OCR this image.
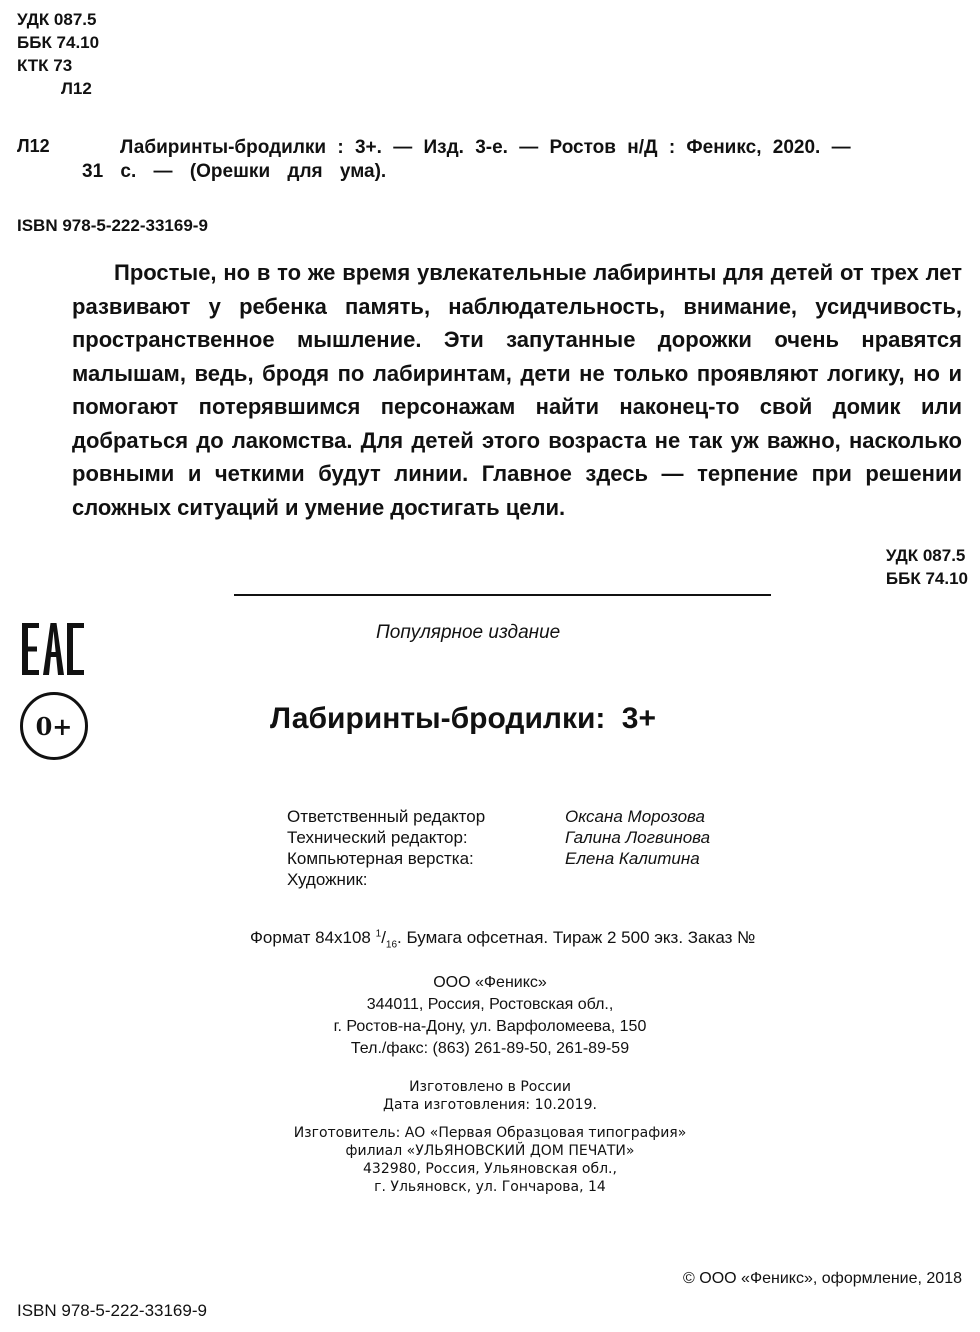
УДК 087.5
ББК 74.10
КТК 73
Л12
Л12	Лабиринты-бродилки : 3+. — Изд. 3-е. — Ростов н/Д : Феникс, 2020. —
31 с. — (Орешки для ума).
ISBN 978-5-222-33169-9

Простые, но в то же время увлекательные лабиринты для детей от трех лет развивают у ребенка память, наблюдательность, внимание, усидчивость, пространственное мышление. Эти запутанные дорожки очень нравятся малышам, ведь, бродя по лабиринтам, дети не только проявляют логику, но и помогают потерявшимся персонажам найти наконец-то свой домик или добраться до лакомства. Для детей этого возраста не так уж важно, насколько ровными и четкими будут линии. Главное здесь — терпение при решении сложных ситуаций и умение достигать цели.

УДК 087.5
ББК 74.10
0+
Популярное издание
Лабиринты-бродилки: 3+
Ответственный редактор	Оксана Морозова
Технический редактор:	Галина Логвинова
Компьютерная верстка:	Елена Калитина
Художник:
Формат 84х108 $^1/_{16}$. Бумага офсетная. Тираж 2 500 экз. Заказ №
ООО «Феникс»
344011, Россия, Ростовская обл.,
г. Ростов-на-Дону, ул. Варфоломеева, 150
Тел./факс: (863) 261-89-50, 261-89-59
Изготовлено в России
Дата изготовления: 10.2019.
Изготовитель: АО «Первая Образцовая типография»
филиал «УЛЬЯНОВСКИЙ ДОМ ПЕЧАТИ»
432980, Россия, Ульяновская обл.,
г. Ульяновск, ул. Гончарова, 14
© ООО «Феникс», оформление, 2018
ISBN 978-5-222-33169-9
